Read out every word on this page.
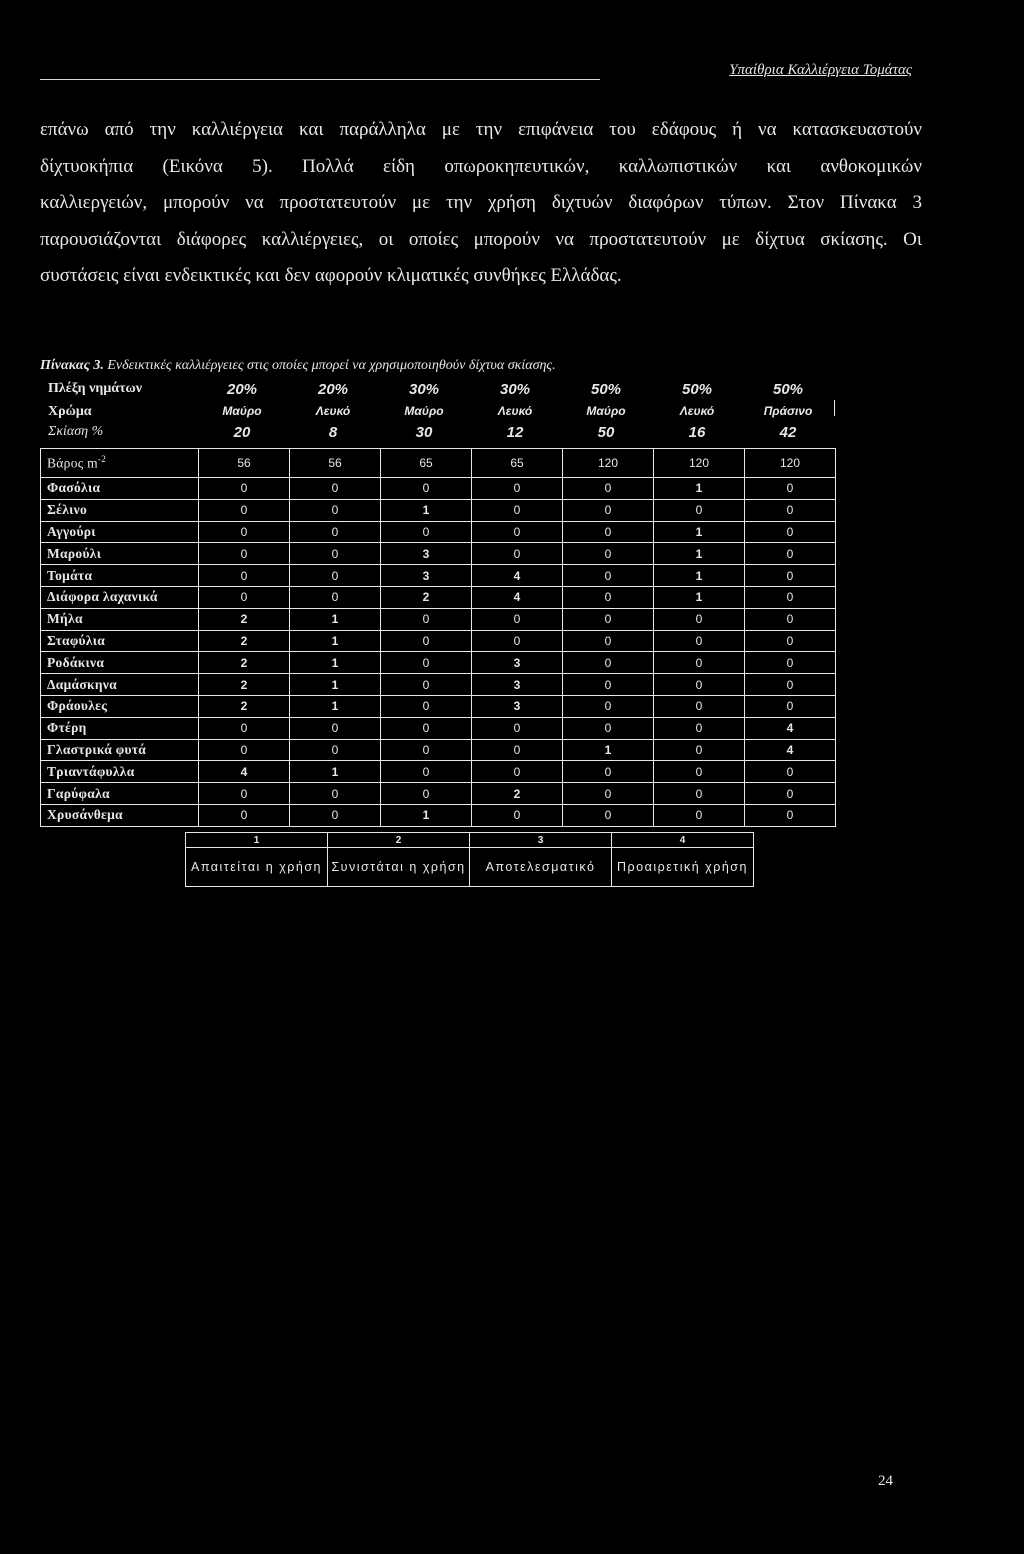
Υπαίθρια Καλλιέργεια Τομάτας
επάνω από την καλλιέργεια και παράλληλα με την επιφάνεια του εδάφους ή να κατασκευαστούν
δίχτυοκήπια (Εικόνα 5). Πολλά είδη οπωροκηπευτικών, καλλωπιστικών και ανθοκομικών
καλλιεργειών, μπορούν να προστατευτούν με την χρήση διχτυών διαφόρων τύπων. Στον Πίνακα 3
παρουσιάζονται διάφορες καλλιέργειες, οι οποίες μπορούν να προστατευτούν με δίχτυα σκίασης. Οι
συστάσεις είναι ενδεικτικές και δεν αφορούν κλιματικές συνθήκες Ελλάδας.
Πίνακας 3. Ενδεικτικές καλλιέργειες στις οποίες μπορεί να χρησιμοποιηθούν δίχτυα σκίασης.
Πλέξη νημάτων	20%	20%	30%	30%	50%	50%	50%
Χρώμα	Μαύρο	Λευκό	Μαύρο	Λευκό	Μαύρο	Λευκό	Πράσινο
Σκίαση %	20	8	30	12	50	16	42
Βάρος $m^{-2}$	56	56	65	65	120	120	120
Φασόλια	0	0	0	0	0	1	0
Σέλινο	0	0	1	0	0	0	0
Αγγούρι	0	0	0	0	0	1	0
Μαρούλι	0	0	3	0	0	1	0
Τομάτα	0	0	3	4	0	1	0
Διάφορα λαχανικά	0	0	2	4	0	1	0
Μήλα	2	1	0	0	0	0	0
Σταφύλια	2	1	0	0	0	0	0
Ροδάκινα	2	1	0	3	0	0	0
Δαμάσκηνα	2	1	0	3	0	0	0
Φράουλες	2	1	0	3	0	0	0
Φτέρη	0	0	0	0	0	0	4
Γλαστρικά φυτά	0	0	0	0	1	0	4
Τριαντάφυλλα	4	1	0	0	0	0	0
Γαρύφαλα	0	0	0	2	0	0	0
Χρυσάνθεμα	0	0	1	0	0	0	0
1	2	3	4
Απαιτείται η χρήση	Συνιστάται η χρήση	Αποτελεσματικό	Προαιρετική χρήση
24
